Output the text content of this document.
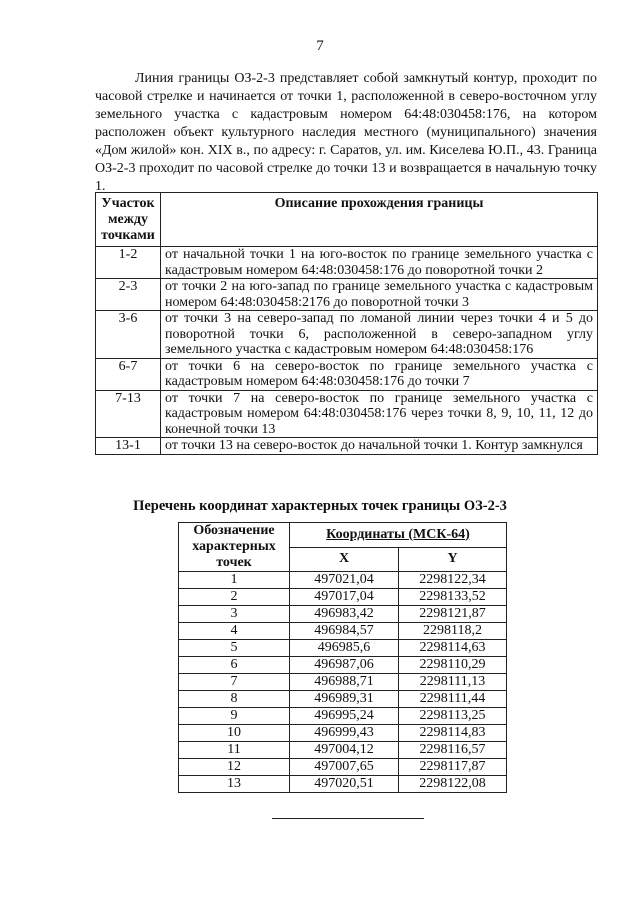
7

Линия границы ОЗ-2-3 представляет собой замкнутый контур, проходит по часовой стрелке и начинается от точки 1, расположенной в северо-восточном углу земельного участка с кадастровым номером 64:48:030458:176, на котором расположен объект культурного наследия местного (муниципального) значения «Дом жилой» кон. XIX в., по адресу: г. Саратов, ул. им. Киселева Ю.П., 43. Граница ОЗ-2-3 проходит по часовой стрелке до точки 13 и возвращается в начальную точку 1.

Участок между точками	Описание прохождения границы
1-2	от начальной точки 1 на юго-восток по границе земельного участка с кадастровым номером 64:48:030458:176 до поворотной точки 2
2-3	от точки 2 на юго-запад по границе земельного участка с кадастровым номером 64:48:030458:2176 до поворотной точки 3
3-6	от точки 3 на северо-запад по ломаной линии через точки 4 и 5 до поворотной точки 6, расположенной в северо-западном углу земельного участка с кадастровым номером 64:48:030458:176
6-7	от точки 6 на северо-восток по границе земельного участка с кадастровым номером 64:48:030458:176 до точки 7
7-13	от точки 7 на северо-восток по границе земельного участка с кадастровым номером 64:48:030458:176 через точки 8, 9, 10, 11, 12 до конечной точки 13
13-1	от точки 13 на северо-восток до начальной точки 1. Контур замкнулся

Перечень координат характерных точек границы ОЗ-2-3

Обозначение характерных точек	Координаты (МСК-64)	
	X	Y
1	497021,04	2298122,34
2	497017,04	2298133,52
3	496983,42	2298121,87
4	496984,57	2298118,2
5	496985,6	2298114,63
6	496987,06	2298110,29
7	496988,71	2298111,13
8	496989,31	2298111,44
9	496995,24	2298113,25
10	496999,43	2298114,83
11	497004,12	2298116,57
12	497007,65	2298117,87
13	497020,51	2298122,08
